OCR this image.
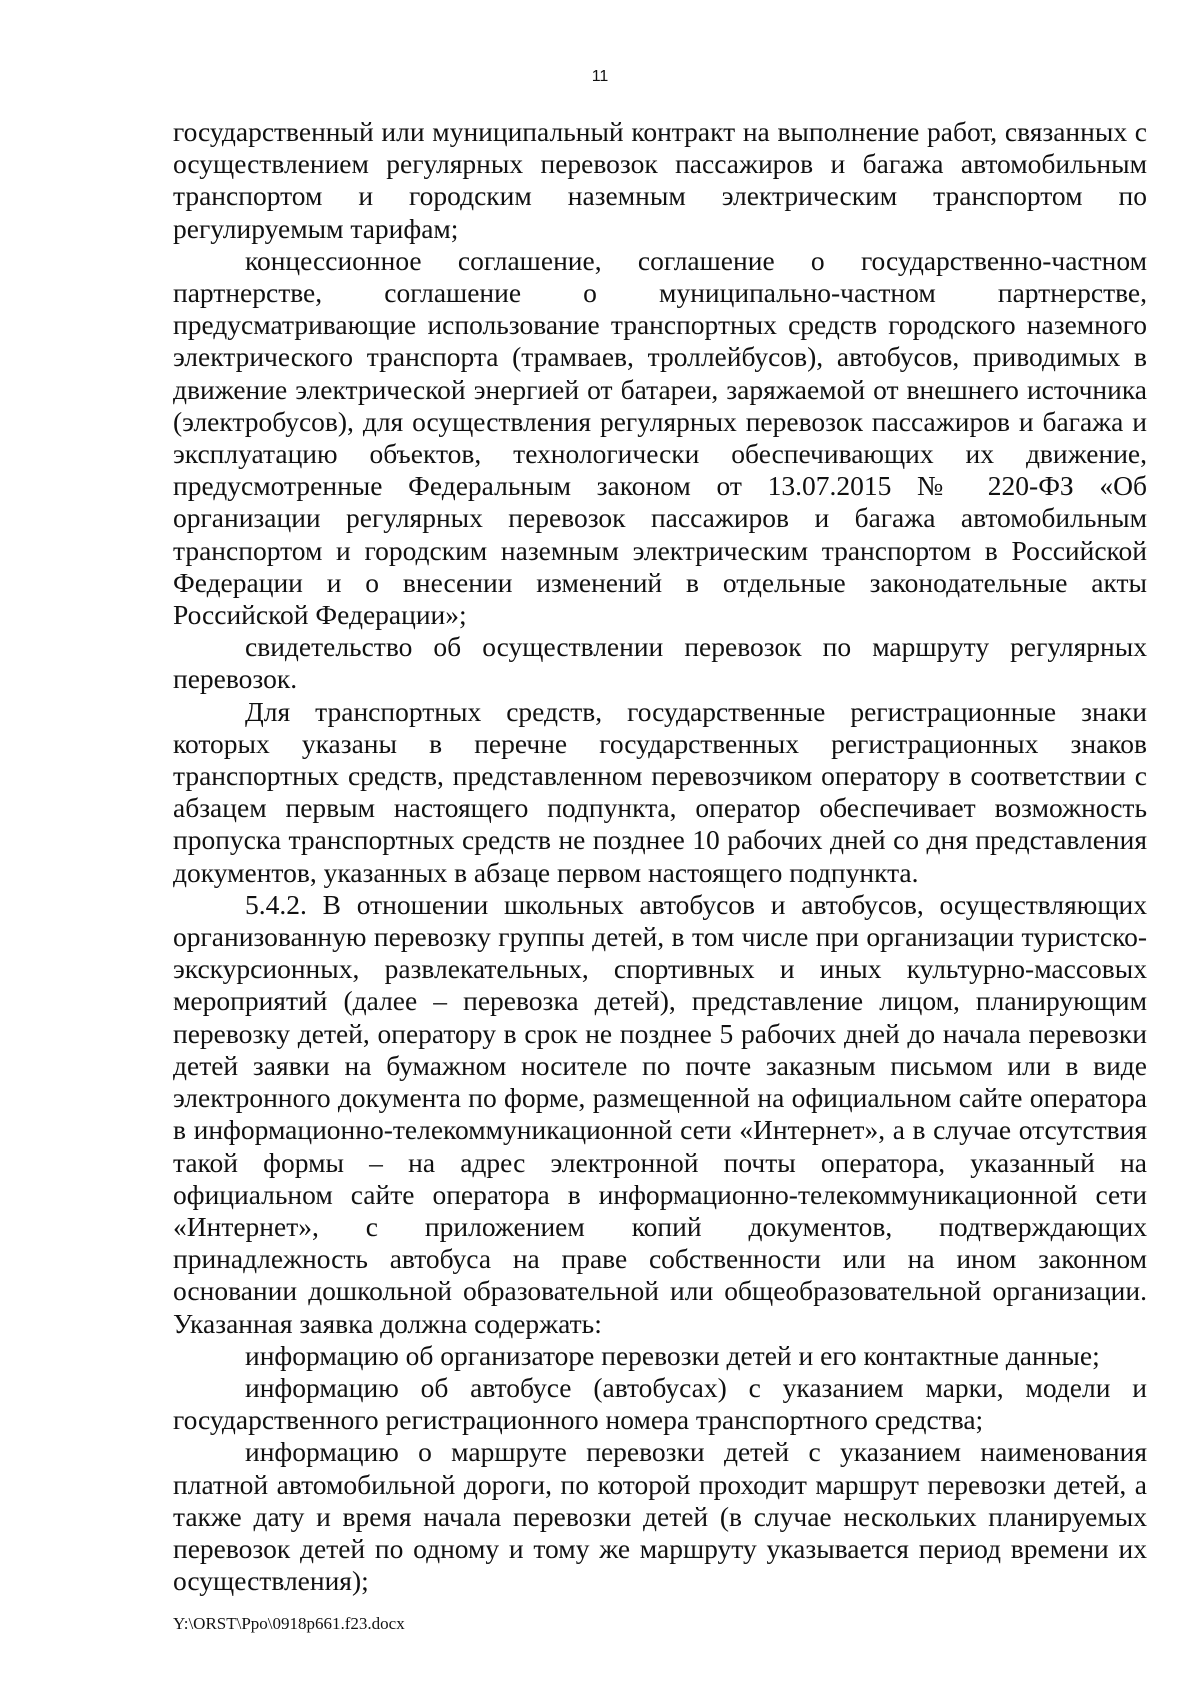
11

государственный или муниципальный контракт на выполнение работ, связанных с осуществлением регулярных перевозок пассажиров и багажа автомобильным транспортом и городским наземным электрическим транспортом по регулируемым тарифам;

концессионное соглашение, соглашение о государственно-частном партнерстве, соглашение о муниципально-частном партнерстве, предусматривающие использование транспортных средств городского наземного электрического транспорта (трамваев, троллейбусов), автобусов, приводимых в движение электрической энергией от батареи, заряжаемой от внешнего источника (электробусов), для осуществления регулярных перевозок пассажиров и багажа и эксплуатацию объектов, технологически обеспечивающих их движение, предусмотренные Федеральным законом от 13.07.2015 № 220-ФЗ «Об организации регулярных перевозок пассажиров и багажа автомобильным транспортом и городским наземным электрическим транспортом в Российской Федерации и о внесении изменений в отдельные законодательные акты Российской Федерации»;

свидетельство об осуществлении перевозок по маршруту регулярных перевозок.

Для транспортных средств, государственные регистрационные знаки которых указаны в перечне государственных регистрационных знаков транспортных средств, представленном перевозчиком оператору в соответствии с абзацем первым настоящего подпункта, оператор обеспечивает возможность пропуска транспортных средств не позднее 10 рабочих дней со дня представления документов, указанных в абзаце первом настоящего подпункта.

5.4.2. В отношении школьных автобусов и автобусов, осуществляющих организованную перевозку группы детей, в том числе при организации туристско-экскурсионных, развлекательных, спортивных и иных культурно-массовых мероприятий (далее – перевозка детей), представление лицом, планирующим перевозку детей, оператору в срок не позднее 5 рабочих дней до начала перевозки детей заявки на бумажном носителе по почте заказным письмом или в виде электронного документа по форме, размещенной на официальном сайте оператора в информационно-телекоммуникационной сети «Интернет», а в случае отсутствия такой формы – на адрес электронной почты оператора, указанный на официальном сайте оператора в информационно-телекоммуникационной сети «Интернет», с приложением копий документов, подтверждающих принадлежность автобуса на праве собственности или на ином законном основании дошкольной образовательной или общеобразовательной организации. Указанная заявка должна содержать:

информацию об организаторе перевозки детей и его контактные данные;

информацию об автобусе (автобусах) с указанием марки, модели и государственного регистрационного номера транспортного средства;

информацию о маршруте перевозки детей с указанием наименования платной автомобильной дороги, по которой проходит маршрут перевозки детей, а также дату и время начала перевозки детей (в случае нескольких планируемых перевозок детей по одному и тому же маршруту указывается период времени их осуществления);

Y:\ORST\Ppo\0918p661.f23.docx
